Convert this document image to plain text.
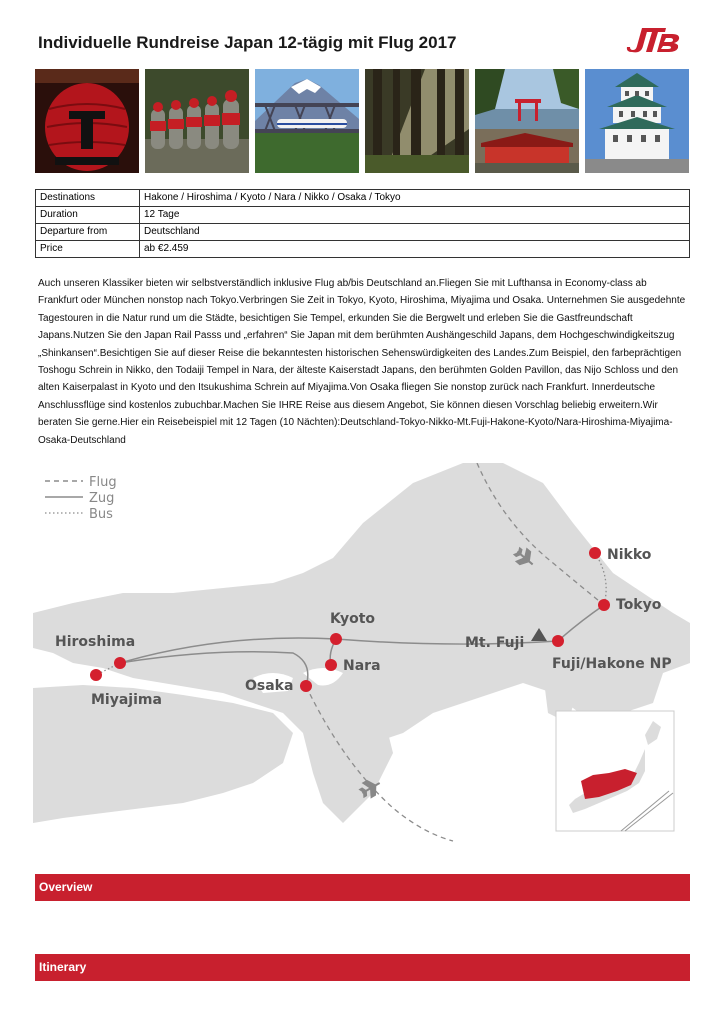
Individuelle Rundreise Japan 12-tägig mit Flug 2017
Destinations	Hakone / Hiroshima / Kyoto / Nara / Nikko / Osaka / Tokyo
Duration	12 Tage
Departure from	Deutschland
Price	ab €2.459

Auch unseren Klassiker bieten wir selbstverständlich inklusive Flug ab/bis Deutschland an.Fliegen Sie mit Lufthansa in Economy-class ab Frankfurt oder München nonstop nach Tokyo.Verbringen Sie Zeit in Tokyo, Kyoto, Hiroshima, Miyajima und Osaka. Unternehmen Sie ausgedehnte Tagestouren in die Natur rund um die Städte, besichtigen Sie Tempel, erkunden Sie die Bergwelt und erleben Sie die Gastfreundschaft Japans.Nutzen Sie den Japan Rail Passs und „erfahren“ Sie Japan mit dem berühmten Aushängeschild Japans, dem Hochgeschwindigkeitszug „Shinkansen“.Besichtigen Sie auf dieser Reise die bekanntesten historischen Sehenswürdigkeiten des Landes.Zum Beispiel, den farbeprächtigen Toshogu Schrein in Nikko, den Todaiji Tempel in Nara, der älteste Kaiserstadt Japans, den berühmten Golden Pavillon, das Nijo Schloss und den alten Kaiserpalast in Kyoto und den Itsukushima Schrein auf Miyajima.Von Osaka fliegen Sie nonstop zurück nach Frankfurt. Innerdeutsche Anschlussflüge sind kostenlos zubuchbar.Machen Sie IHRE Reise aus diesem Angebot, Sie können diesen Vorschlag beliebig erweitern.Wir beraten Sie gerne.Hier ein Reisebeispiel mit 12 Tagen (10 Nächten):Deutschland-Tokyo-Nikko-Mt.Fuji-Hakone-Kyoto/Nara-Hiroshima-Miyajima-Osaka-Deutschland

Flug
Zug
Bus
Nikko
Tokyo
Mt. Fuji
Fuji/Hakone NP
Kyoto
Nara
Osaka
Hiroshima
Miyajima
Overview
Itinerary
